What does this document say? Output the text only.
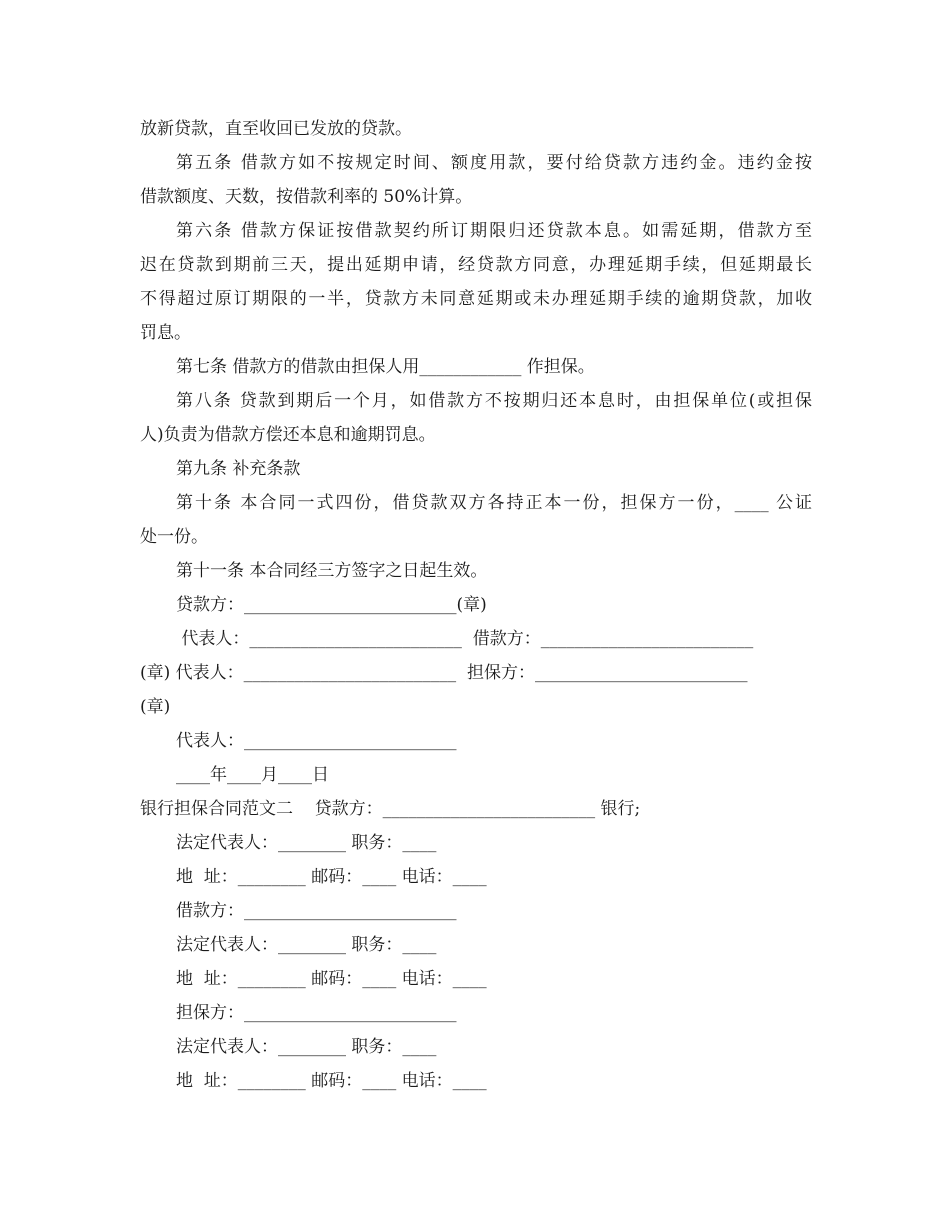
放新贷款，直至收回已发放的贷款。
第五条 借款方如不按规定时间、额度用款，要付给贷款方违约金。违约金按
借款额度、天数，按借款利率的 50%计算。
第六条 借款方保证按借款契约所订期限归还贷款本息。如需延期，借款方至
迟在贷款到期前三天，提出延期申请，经贷款方同意，办理延期手续，但延期最长
不得超过原订期限的一半，贷款方未同意延期或未办理延期手续的逾期贷款，加收
罚息。
第七条 借款方的借款由担保人用____________ 作担保。
第八条 贷款到期后一个月，如借款方不按期归还本息时，由担保单位(或担保
人)负责为借款方偿还本息和逾期罚息。
第九条 补充条款
第十条 本合同一式四份，借贷款双方各持正本一份，担保方一份，____ 公证
处一份。
第十一条 本合同经三方签字之日起生效。
贷款方：_________________________(章)
代表人：_________________________  借款方：_________________________
(章) 代表人：_________________________  担保方：_________________________
(章)
代表人：_________________________
____年____月____日
银行担保合同范文二    贷款方：_________________________ 银行;
法定代表人：________ 职务：____
地  址：________ 邮码：____ 电话：____
借款方：_________________________
法定代表人：________ 职务：____
地  址：________ 邮码：____ 电话：____
担保方：_________________________
法定代表人：________ 职务：____
地  址：________ 邮码：____ 电话：____
